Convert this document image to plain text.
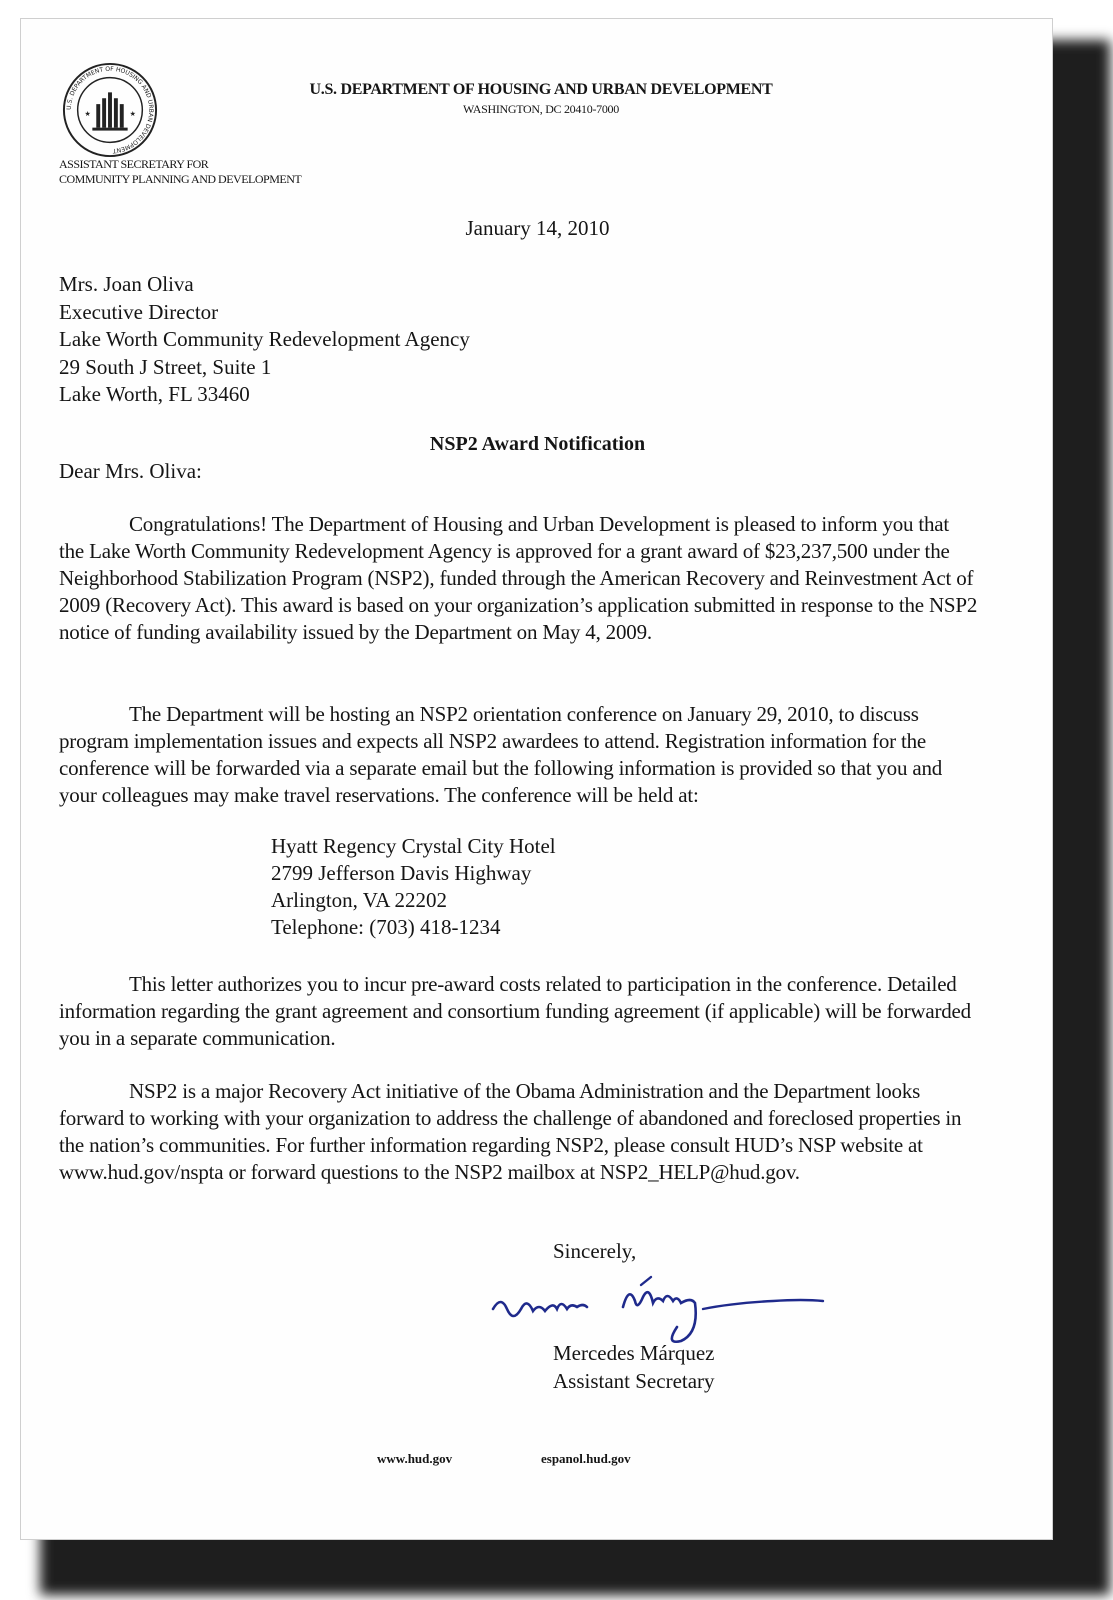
U.S. DEPARTMENT OF HOUSING AND URBAN DEVELOPMENT
★	★
U.S. DEPARTMENT OF HOUSING AND URBAN DEVELOPMENT
WASHINGTON, DC 20410-7000
ASSISTANT SECRETARY FOR
COMMUNITY PLANNING AND DEVELOPMENT
January 14, 2010
Mrs. Joan Oliva
Executive Director
Lake Worth Community Redevelopment Agency
29 South J Street, Suite 1
Lake Worth, FL 33460
NSP2 Award Notification
Dear Mrs. Oliva:

Congratulations! The Department of Housing and Urban Development is pleased to inform you that the Lake Worth Community Redevelopment Agency is approved for a grant award of $23,237,500 under the Neighborhood Stabilization Program (NSP2), funded through the American Recovery and Reinvestment Act of 2009 (Recovery Act). This award is based on your organization’s application submitted in response to the NSP2 notice of funding availability issued by the Department on May 4, 2009.

The Department will be hosting an NSP2 orientation conference on January 29, 2010, to discuss program implementation issues and expects all NSP2 awardees to attend. Registration information for the conference will be forwarded via a separate email but the following information is provided so that you and your colleagues may make travel reservations. The conference will be held at:

Hyatt Regency Crystal City Hotel
2799 Jefferson Davis Highway
Arlington, VA 22202
Telephone: (703) 418-1234

This letter authorizes you to incur pre-award costs related to participation in the conference. Detailed information regarding the grant agreement and consortium funding agreement (if applicable) will be forwarded you in a separate communication.

NSP2 is a major Recovery Act initiative of the Obama Administration and the Department looks forward to working with your organization to address the challenge of abandoned and foreclosed properties in the nation’s communities. For further information regarding NSP2, please consult HUD’s NSP website at www.hud.gov/nspta or forward questions to the NSP2 mailbox at NSP2_HELP@hud.gov.

Sincerely,
Mercedes Márquez
Assistant Secretary
www.hud.gov	espanol.hud.gov
